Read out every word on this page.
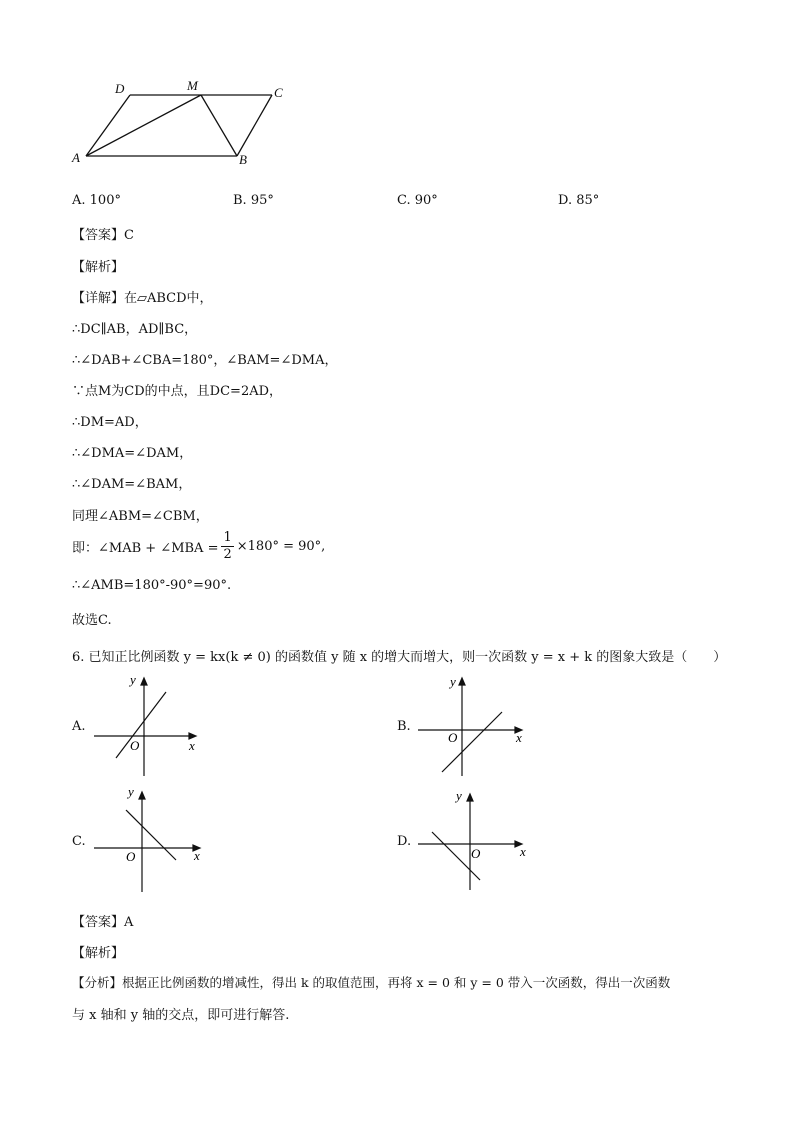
D	M	C
A	B
A. 100°	B. 95°	C. 90°	D. 85°
【答案】C
【解析】
【详解】在▱ABCD中，
∴DC∥AB，AD∥BC，
∴∠DAB+∠CBA=180°，∠BAM=∠DMA，
∵点M为CD的中点，且DC=2AD，
∴DM=AD，
∴∠DMA=∠DAM，
∴∠DAM=∠BAM，
同理∠ABM=∠CBM，
即：∠MAB + ∠MBA = $\frac{1}{2} \times 180^\circ = 90^\circ$,
∴∠AMB=180°-90°=90°.
故选C.
6. 已知正比例函数 y = kx(k ≠ 0) 的函数值 y 随 x 的增大而增大，则一次函数 y = x + k 的图象大致是（　　）
A.
y
x
O
B.
y
x
O
C.
y
x
O
D.
y
x
O
【答案】A
【解析】
【分析】根据正比例函数的增减性，得出 k 的取值范围，再将 x = 0 和 y = 0 带入一次函数，得出一次函数
与 x 轴和 y 轴的交点，即可进行解答.
